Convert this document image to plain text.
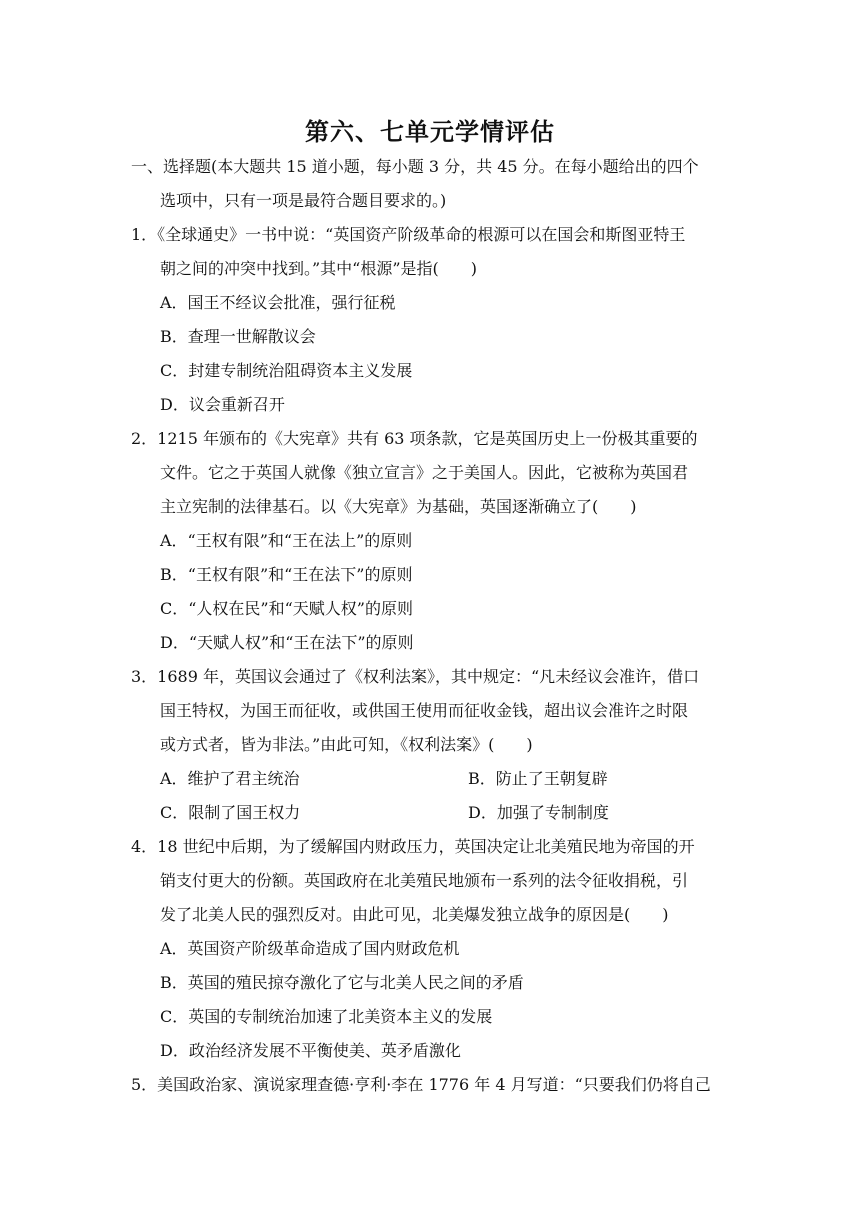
第六、七单元学情评估
一、选择题(本大题共 15 道小题，每小题 3 分，共 45 分。在每小题给出的四个
选项中，只有一项是最符合题目要求的。)
1．《全球通史》一书中说：“英国资产阶级革命的根源可以在国会和斯图亚特王
朝之间的冲突中找到。”其中“根源”是指(　　)
A．国王不经议会批准，强行征税
B．查理一世解散议会
C．封建专制统治阻碍资本主义发展
D．议会重新召开
2．1215 年颁布的《大宪章》共有 63 项条款，它是英国历史上一份极其重要的
文件。它之于英国人就像《独立宣言》之于美国人。因此，它被称为英国君
主立宪制的法律基石。以《大宪章》为基础，英国逐渐确立了(　　)
A．“王权有限”和“王在法上”的原则
B．“王权有限”和“王在法下”的原则
C．“人权在民”和“天赋人权”的原则
D．“天赋人权”和“王在法下”的原则
3．1689 年，英国议会通过了《权利法案》，其中规定：“凡未经议会准许，借口
国王特权，为国王而征收，或供国王使用而征收金钱，超出议会准许之时限
或方式者，皆为非法。”由此可知，《权利法案》(　　)
A．维护了君主统治	B．防止了王朝复辟
C．限制了国王权力	D．加强了专制制度
4．18 世纪中后期，为了缓解国内财政压力，英国决定让北美殖民地为帝国的开
销支付更大的份额。英国政府在北美殖民地颁布一系列的法令征收捐税，引
发了北美人民的强烈反对。由此可见，北美爆发独立战争的原因是(　　)
A．英国资产阶级革命造成了国内财政危机
B．英国的殖民掠夺激化了它与北美人民之间的矛盾
C．英国的专制统治加速了北美资本主义的发展
D．政治经济发展不平衡使美、英矛盾激化
5．美国政治家、演说家理查德·亨利·李在 1776 年 4 月写道：“只要我们仍将自己
